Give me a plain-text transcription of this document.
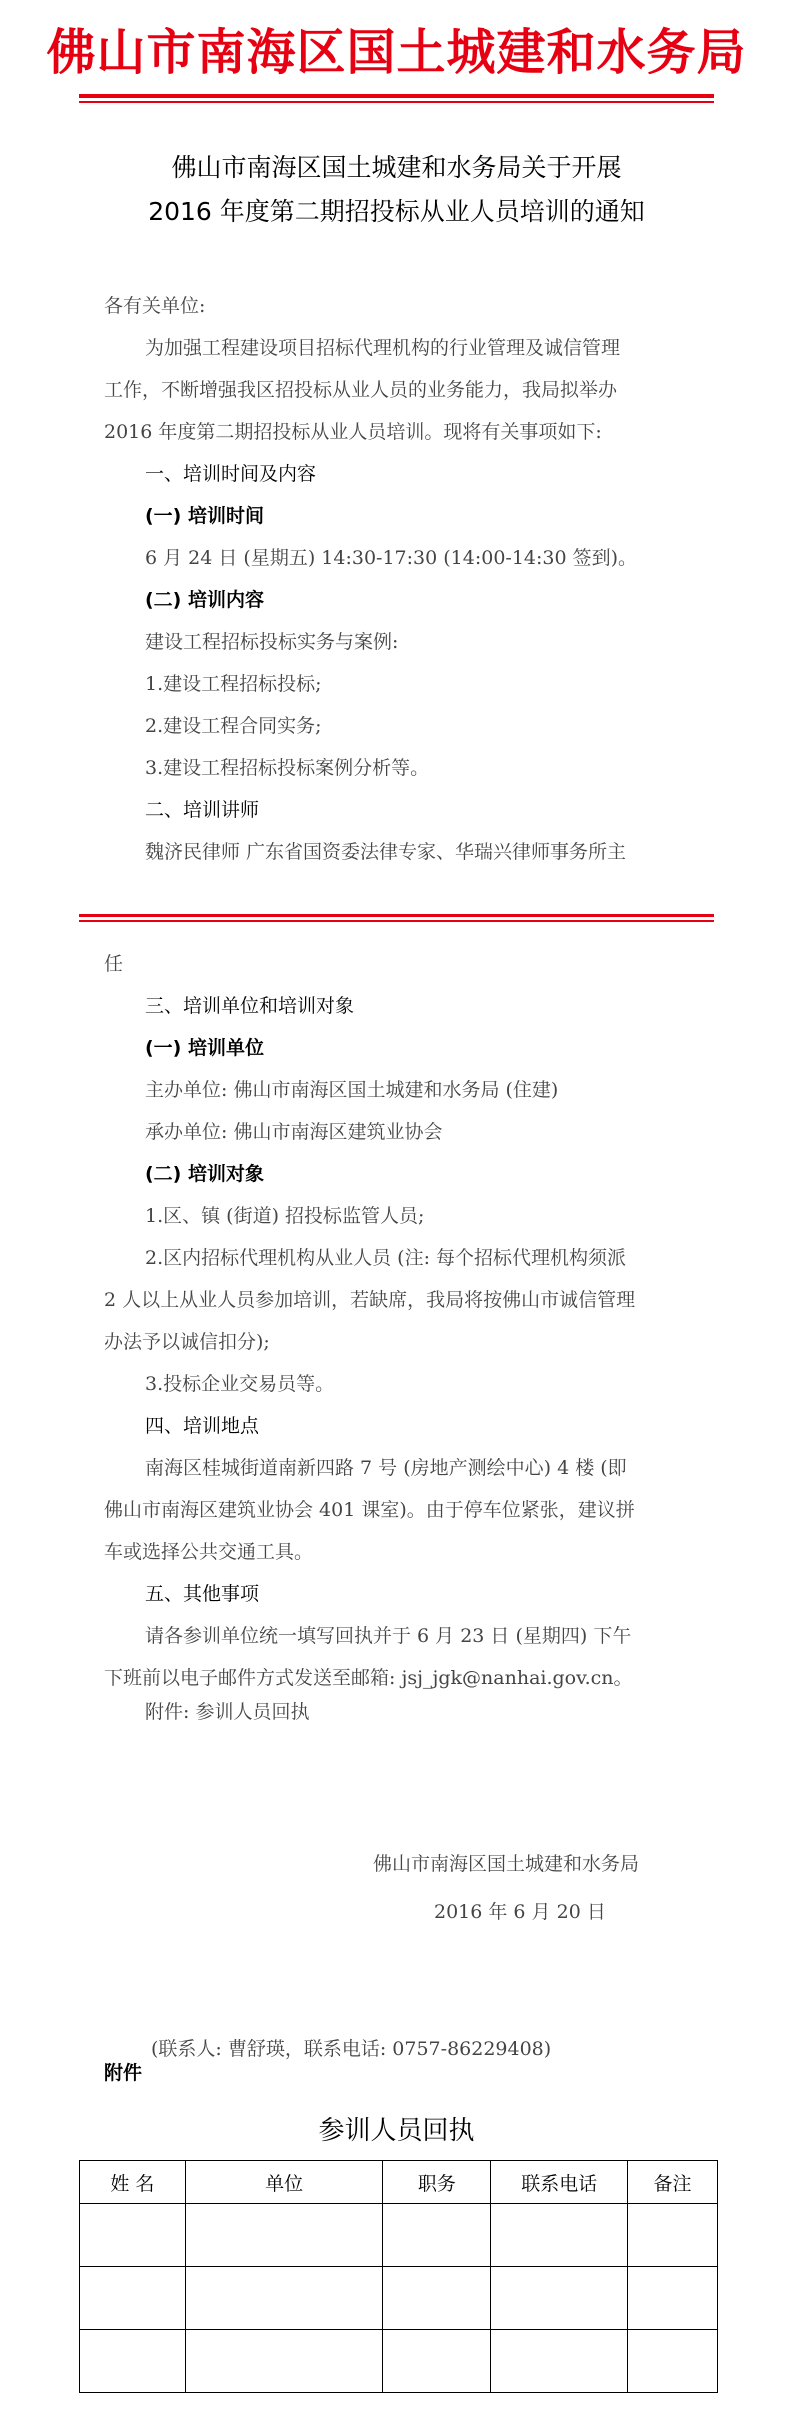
佛山市南海区国土城建和水务局
佛山市南海区国土城建和水务局关于开展
2016 年度第二期招投标从业人员培训的通知
各有关单位:
为加强工程建设项目招标代理机构的行业管理及诚信管理
工作，不断增强我区招投标从业人员的业务能力，我局拟举办
2016 年度第二期招投标从业人员培训。现将有关事项如下:
一、培训时间及内容
(一) 培训时间
6 月 24 日 (星期五) 14:30-17:30 (14:00-14:30 签到)。
(二) 培训内容
建设工程招标投标实务与案例:
1.建设工程招标投标;
2.建设工程合同实务;
3.建设工程招标投标案例分析等。
二、培训讲师
魏济民律师 广东省国资委法律专家、华瑞兴律师事务所主
任
三、培训单位和培训对象
(一) 培训单位
主办单位: 佛山市南海区国土城建和水务局 (住建)
承办单位: 佛山市南海区建筑业协会
(二) 培训对象
1.区、镇 (街道) 招投标监管人员;
2.区内招标代理机构从业人员 (注: 每个招标代理机构须派
2 人以上从业人员参加培训，若缺席，我局将按佛山市诚信管理
办法予以诚信扣分);
3.投标企业交易员等。
四、培训地点
南海区桂城街道南新四路 7 号 (房地产测绘中心) 4 楼 (即
佛山市南海区建筑业协会 401 课室)。由于停车位紧张，建议拼
车或选择公共交通工具。
五、其他事项
请各参训单位统一填写回执并于 6 月 23 日 (星期四) 下午
下班前以电子邮件方式发送至邮箱: jsj_jgk@nanhai.gov.cn。
附件: 参训人员回执
佛山市南海区国土城建和水务局
2016 年 6 月 20 日
(联系人: 曹舒瑛，联系电话: 0757-86229408)
附件
参训人员回执
姓 名	单位	职务	联系电话	备注
